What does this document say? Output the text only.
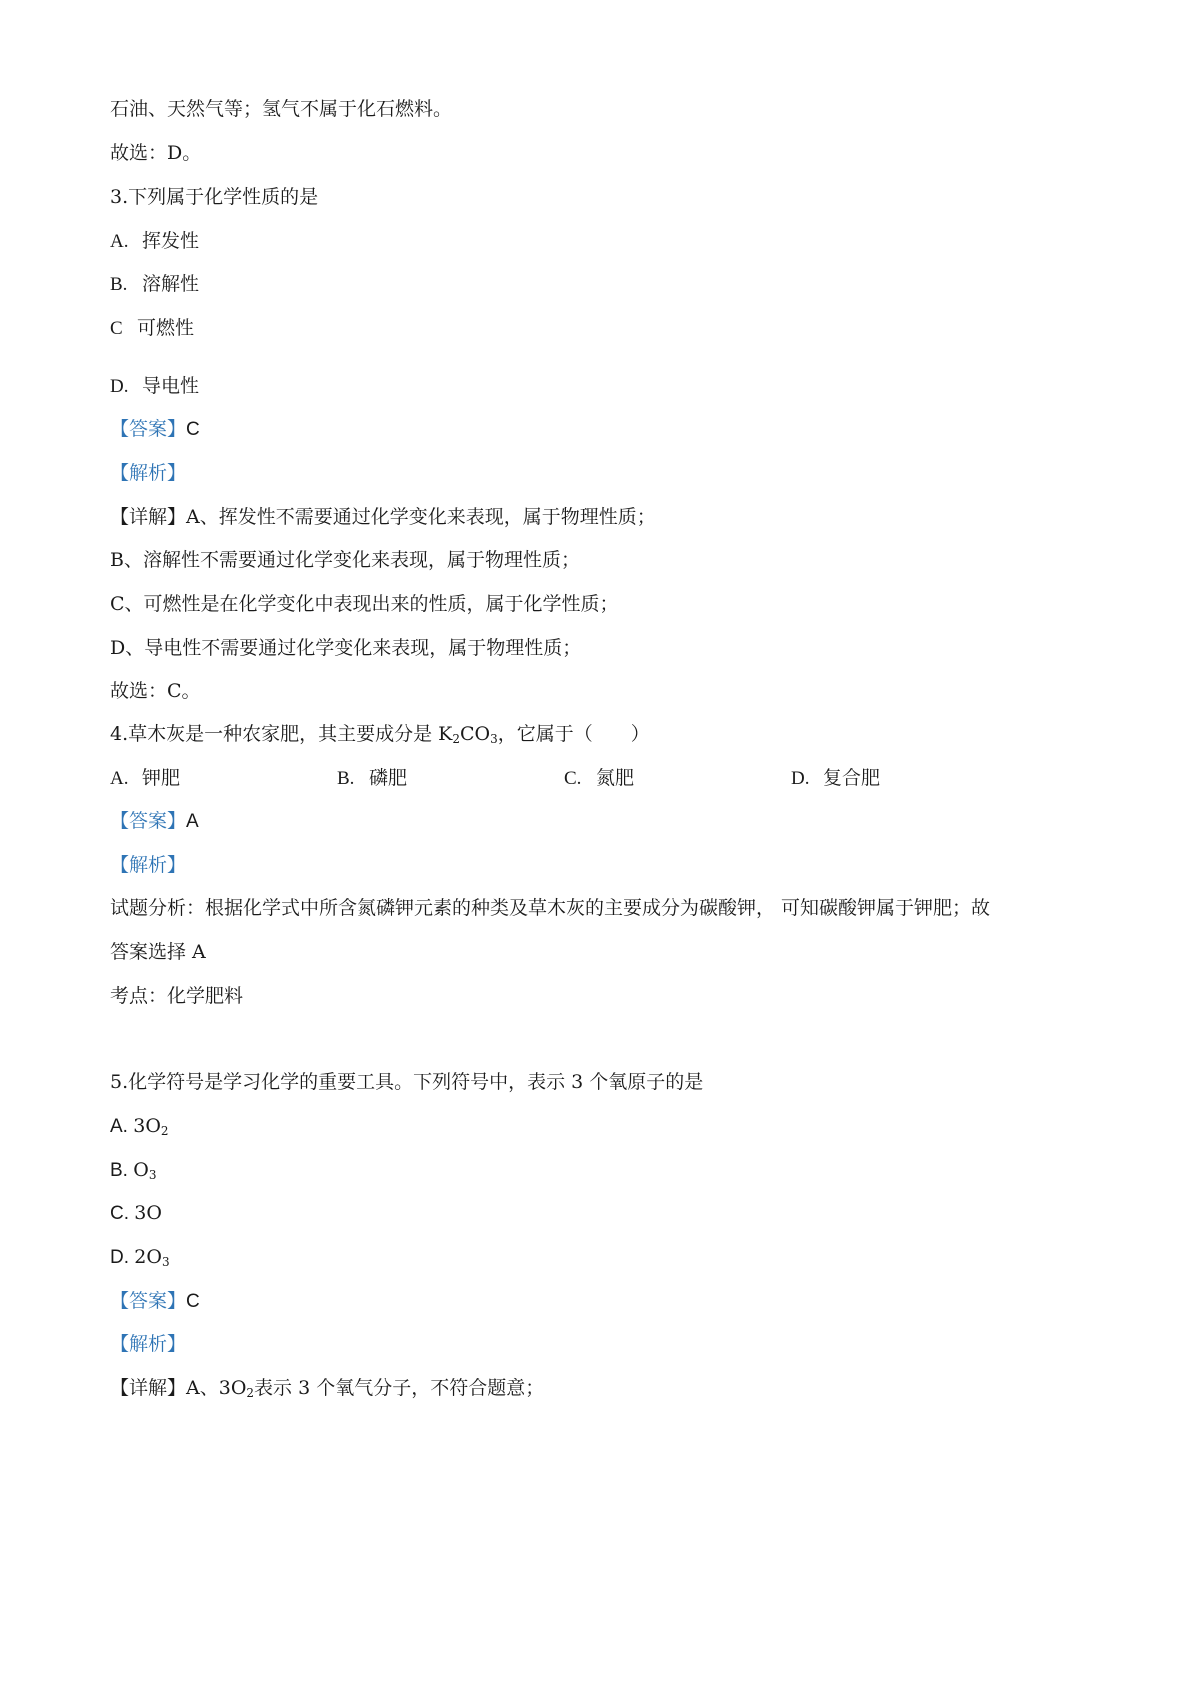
石油、天然气等；氢气不属于化石燃料。
故选：D。
3.下列属于化学性质的是
A. 挥发性
B. 溶解性
C 可燃性
D. 导电性
【答案】C
【解析】
【详解】A、挥发性不需要通过化学变化来表现，属于物理性质；
B、溶解性不需要通过化学变化来表现，属于物理性质；
C、可燃性是在化学变化中表现出来的性质，属于化学性质；
D、导电性不需要通过化学变化来表现，属于物理性质；
故选：C。
4.草木灰是一种农家肥，其主要成分是 $K_2CO_3$，它属于（　　）
A. 钾肥	B. 磷肥	C. 氮肥	D. 复合肥
【答案】A
【解析】
试题分析：根据化学式中所含氮磷钾元素的种类及草木灰的主要成分为碳酸钾， 可知碳酸钾属于钾肥；故
答案选择 A
考点：化学肥料
5.化学符号是学习化学的重要工具。下列符号中，表示 3 个氧原子的是
A. $3O_2$
B. $O_3$
C. 3O
D. $2O_3$
【答案】C
【解析】
【详解】A、$3O_2$表示 3 个氧气分子，不符合题意；
